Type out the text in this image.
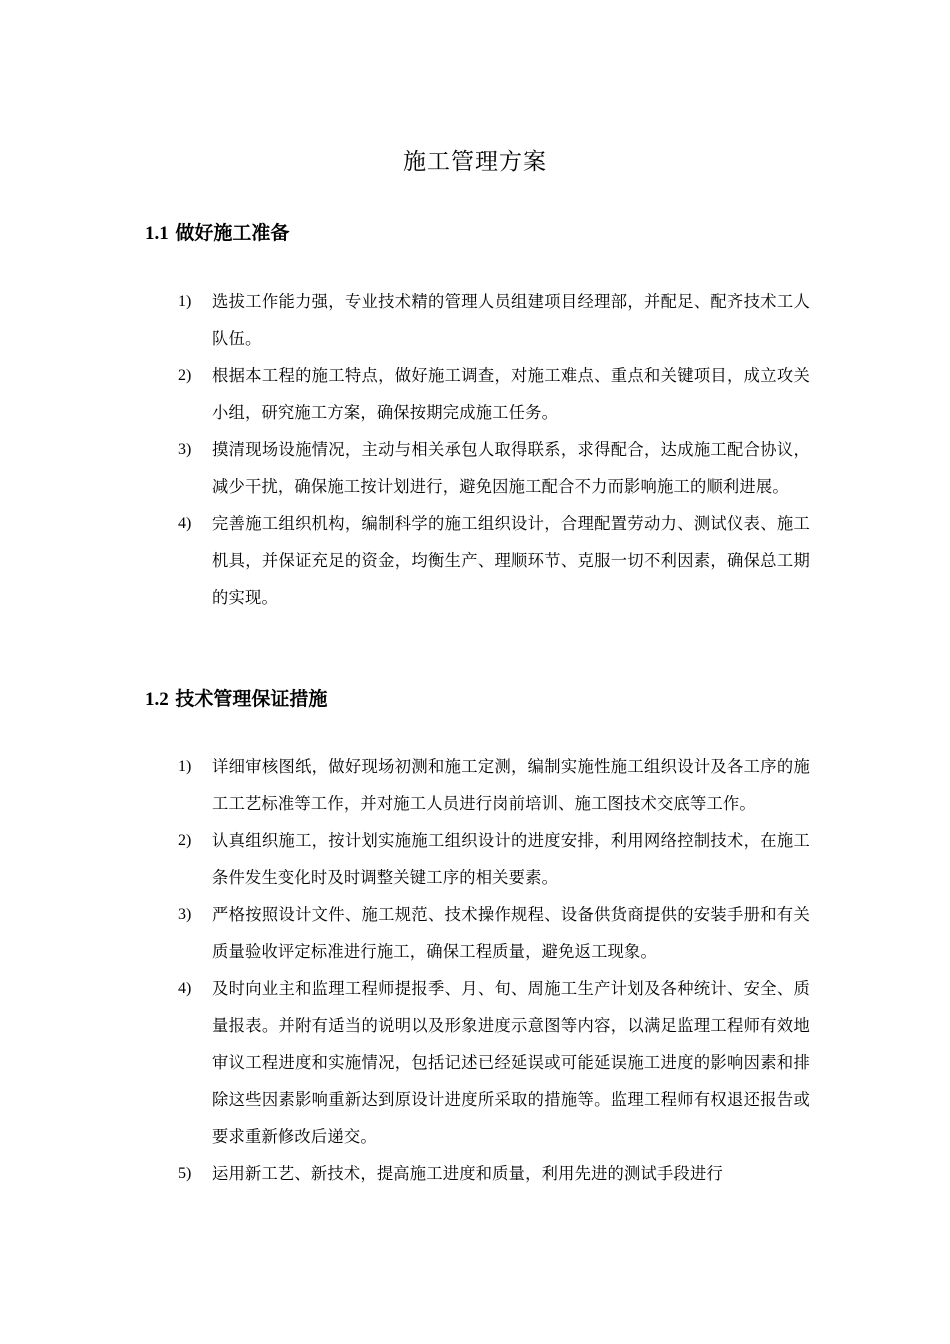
施工管理方案
1.1 做好施工准备
1) 选拔工作能力强，专业技术精的管理人员组建项目经理部，并配足、配齐技术工人队伍。
2) 根据本工程的施工特点，做好施工调查，对施工难点、重点和关键项目，成立攻关小组，研究施工方案，确保按期完成施工任务。
3) 摸清现场设施情况，主动与相关承包人取得联系，求得配合，达成施工配合协议，减少干扰，确保施工按计划进行，避免因施工配合不力而影响施工的顺利进展。
4) 完善施工组织机构，编制科学的施工组织设计，合理配置劳动力、测试仪表、施工机具，并保证充足的资金，均衡生产、理顺环节、克服一切不利因素，确保总工期的实现。
1.2 技术管理保证措施
1) 详细审核图纸，做好现场初测和施工定测，编制实施性施工组织设计及各工序的施工工艺标准等工作，并对施工人员进行岗前培训、施工图技术交底等工作。
2) 认真组织施工，按计划实施施工组织设计的进度安排，利用网络控制技术，在施工条件发生变化时及时调整关键工序的相关要素。
3) 严格按照设计文件、施工规范、技术操作规程、设备供货商提供的安装手册和有关质量验收评定标准进行施工，确保工程质量，避免返工现象。
4) 及时向业主和监理工程师提报季、月、旬、周施工生产计划及各种统计、安全、质量报表。并附有适当的说明以及形象进度示意图等内容，以满足监理工程师有效地审议工程进度和实施情况，包括记述已经延误或可能延误施工进度的影响因素和排除这些因素影响重新达到原设计进度所采取的措施等。监理工程师有权退还报告或要求重新修改后递交。
5) 运用新工艺、新技术，提高施工进度和质量，利用先进的测试手段进行
